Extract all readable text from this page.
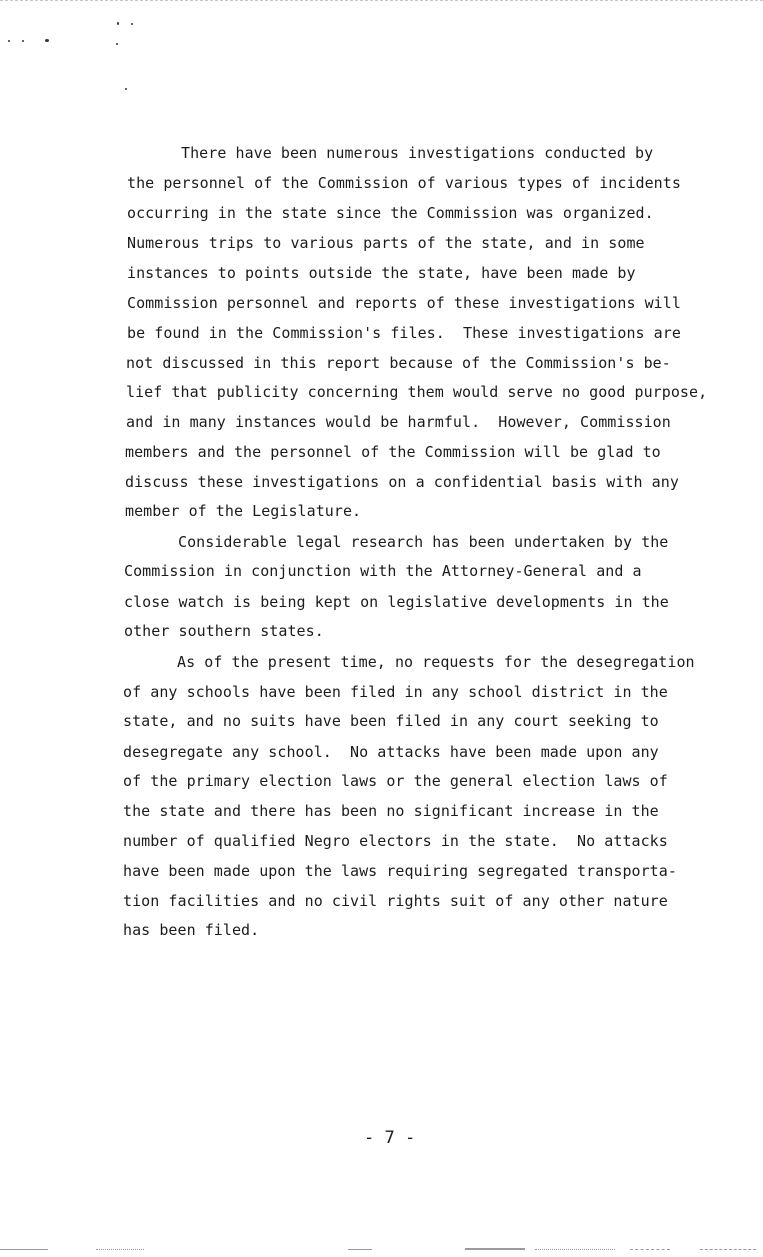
There have been numerous investigations conducted by
the personnel of the Commission of various types of incidents
occurring in the state since the Commission was organized.
Numerous trips to various parts of the state, and in some
instances to points outside the state, have been made by
Commission personnel and reports of these investigations will
be found in the Commission's files.  These investigations are
not discussed in this report because of the Commission's be-
lief that publicity concerning them would serve no good purpose,
and in many instances would be harmful.  However, Commission
members and the personnel of the Commission will be glad to
discuss these investigations on a confidential basis with any
member of the Legislature.
Considerable legal research has been undertaken by the
Commission in conjunction with the Attorney-General and a
close watch is being kept on legislative developments in the
other southern states.
As of the present time, no requests for the desegregation
of any schools have been filed in any school district in the
state, and no suits have been filed in any court seeking to
desegregate any school.  No attacks have been made upon any
of the primary election laws or the general election laws of
the state and there has been no significant increase in the
number of qualified Negro electors in the state.  No attacks
have been made upon the laws requiring segregated transporta-
tion facilities and no civil rights suit of any other nature
has been filed.
- 7 -
